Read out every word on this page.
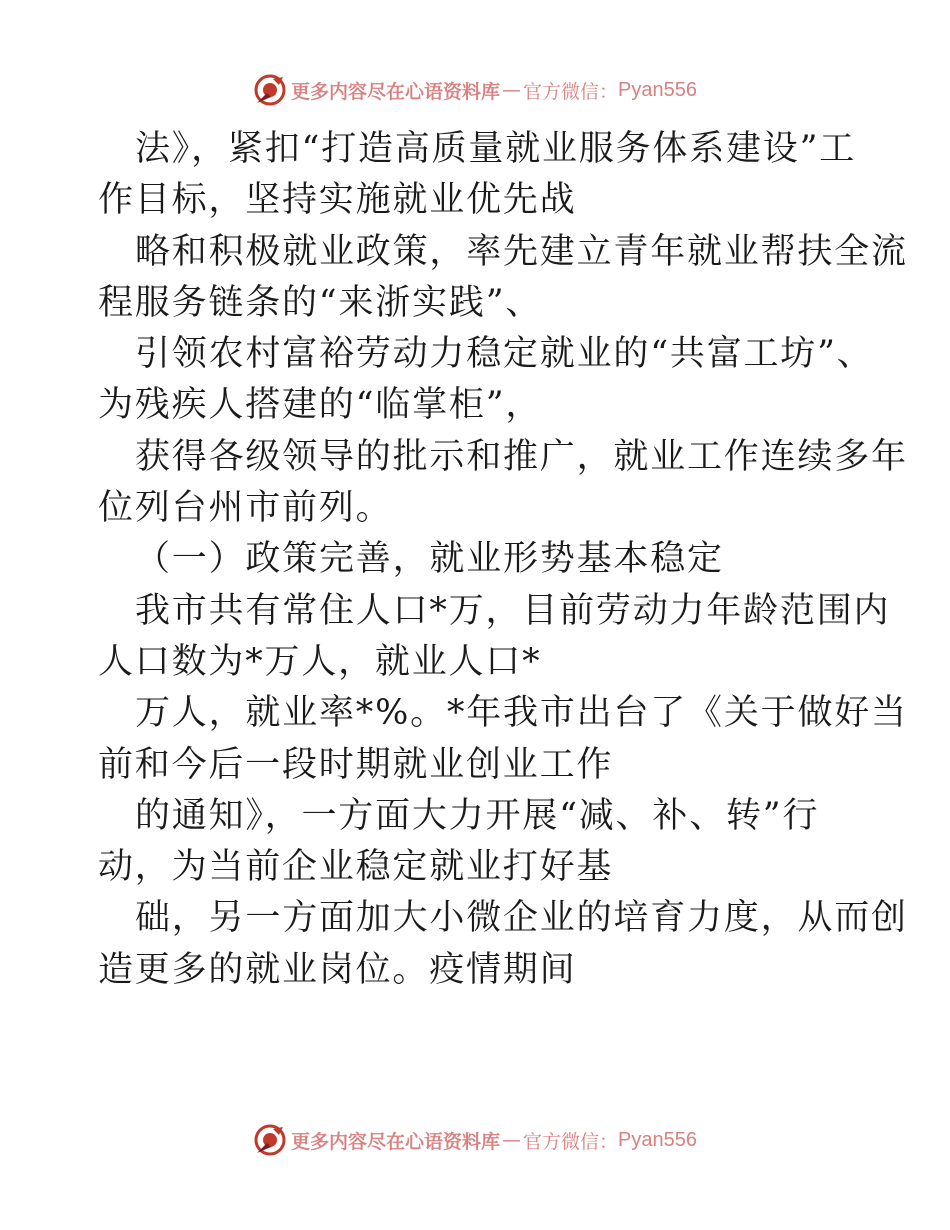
更多内容尽在心语资料库 — 官方微信： Pyan556
法》，紧扣“打造高质量就业服务体系建设”工
作目标，坚持实施就业优先战
略和积极就业政策，率先建立青年就业帮扶全流
程服务链条的“来浙实践”、
引领农村富裕劳动力稳定就业的“共富工坊”、
为残疾人搭建的“临掌柜”，
获得各级领导的批示和推广，就业工作连续多年
位列台州市前列。
（一）政策完善，就业形势基本稳定
我市共有常住人口*万，目前劳动力年龄范围内
人口数为*万人，就业人口*
万人，就业率*%。*年我市出台了《关于做好当
前和今后一段时期就业创业工作
的通知》，一方面大力开展“减、补、转”行
动，为当前企业稳定就业打好基
础，另一方面加大小微企业的培育力度，从而创
造更多的就业岗位。疫情期间
更多内容尽在心语资料库 — 官方微信： Pyan556
